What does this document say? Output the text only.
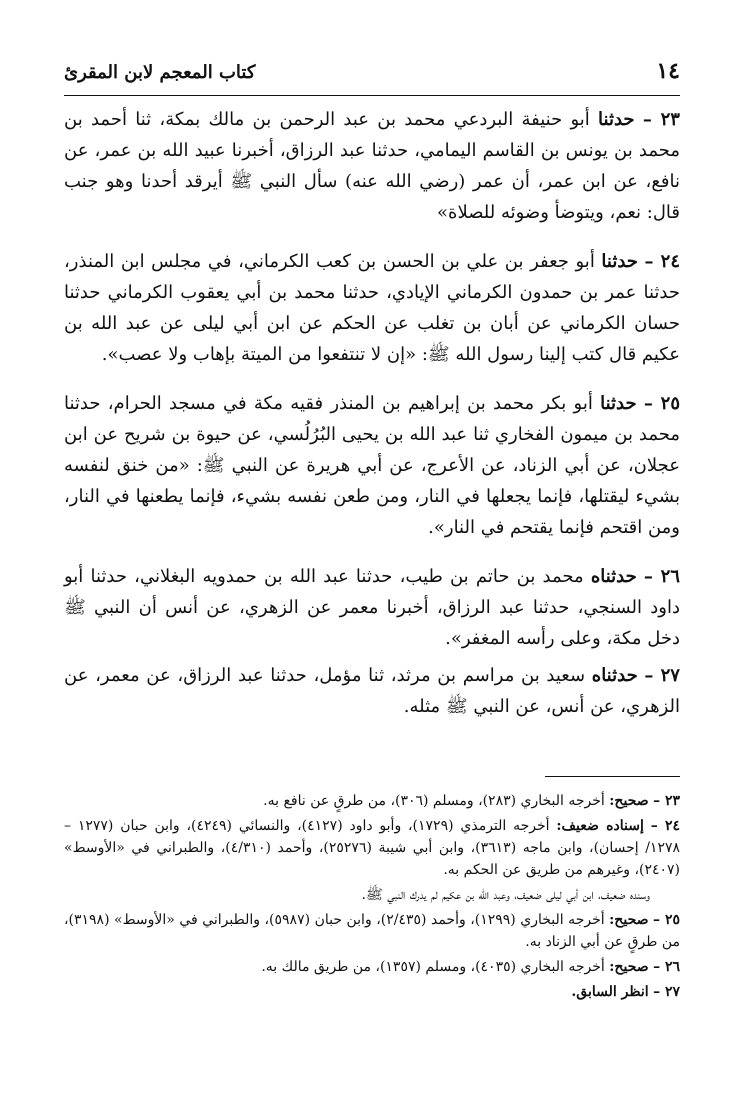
١٤
كتاب المعجم لابن المقرئ

٢٣ – حدثنا أبو حنيفة البردعي محمد بن عبد الرحمن بن مالك بمكة، ثنا أحمد بن محمد بن يونس بن القاسم اليمامي، حدثنا عبد الرزاق، أخبرنا عبيد الله بن عمر، عن نافع، عن ابن عمر، أن عمر (رضي الله عنه) سأل النبي ﷺ أيرقد أحدنا وهو جنب قال: نعم، ويتوضأ وضوئه للصلاة»

٢٤ – حدثنا أبو جعفر بن علي بن الحسن بن كعب الكرماني، في مجلس ابن المنذر، حدثنا عمر بن حمدون الكرماني الإيادي، حدثنا محمد بن أبي يعقوب الكرماني حدثنا حسان الكرماني عن أبان بن تغلب عن الحكم عن ابن أبي ليلى عن عبد الله بن عكيم قال كتب إلينا رسول الله ﷺ: «إن لا تنتفعوا من الميتة بإهاب ولا عصب».

٢٥ – حدثنا أبو بكر محمد بن إبراهيم بن المنذر فقيه مكة في مسجد الحرام، حدثنا محمد بن ميمون الفخاري ثنا عبد الله بن يحيى البُرُلُسي، عن حيوة بن شريح عن ابن عجلان، عن أبي الزناد، عن الأعرج، عن أبي هريرة عن النبي ﷺ: «من خنق لنفسه بشيء ليقتلها، فإنما يجعلها في النار، ومن طعن نفسه بشيء، فإنما يطعنها في النار، ومن اقتحم فإنما يقتحم في النار».

٢٦ – حدثناه محمد بن حاتم بن طيب، حدثنا عبد الله بن حمدويه البغلاني، حدثنا أبو داود السنجي، حدثنا عبد الرزاق، أخبرنا معمر عن الزهري، عن أنس أن النبي ﷺ دخل مكة، وعلى رأسه المغفر».

٢٧ – حدثناه سعيد بن مراسم بن مرثد، ثنا مؤمل، حدثنا عبد الرزاق، عن معمر، عن الزهري، عن أنس، عن النبي ﷺ مثله.

٢٣ – صحيح: أخرجه البخاري (٢٨٣)، ومسلم (٣٠٦)، من طرقٍ عن نافع به.

٢٤ – إسناده ضعيف: أخرجه الترمذي (١٧٢٩)، وأبو داود (٤١٢٧)، والنسائي (٤٢٤٩)، وابن حبان (١٢٧٧ – ١٢٧٨/ إحسان)، وابن ماجه (٣٦١٣)، وابن أبي شيبة (٢٥٢٧٦)، وأحمد (٤/٣١٠)، والطبراني في «الأوسط» (٢٤٠٧)، وغيرهم من طريق عن الحكم به.

وسنده ضعيف، ابن أبي ليلى ضعيف، وعبد الله بن عكيم لم يدرك النبي ﷺ.

٢٥ – صحيح: أخرجه البخاري (١٢٩٩)، وأحمد (٢/٤٣٥)، وابن حبان (٥٩٨٧)، والطبراني في «الأوسط» (٣١٩٨)، من طرقٍ عن أبي الزناد به.

٢٦ – صحيح: أخرجه البخاري (٤٠٣٥)، ومسلم (١٣٥٧)، من طريق مالك به.

٢٧ – انظر السابق.
